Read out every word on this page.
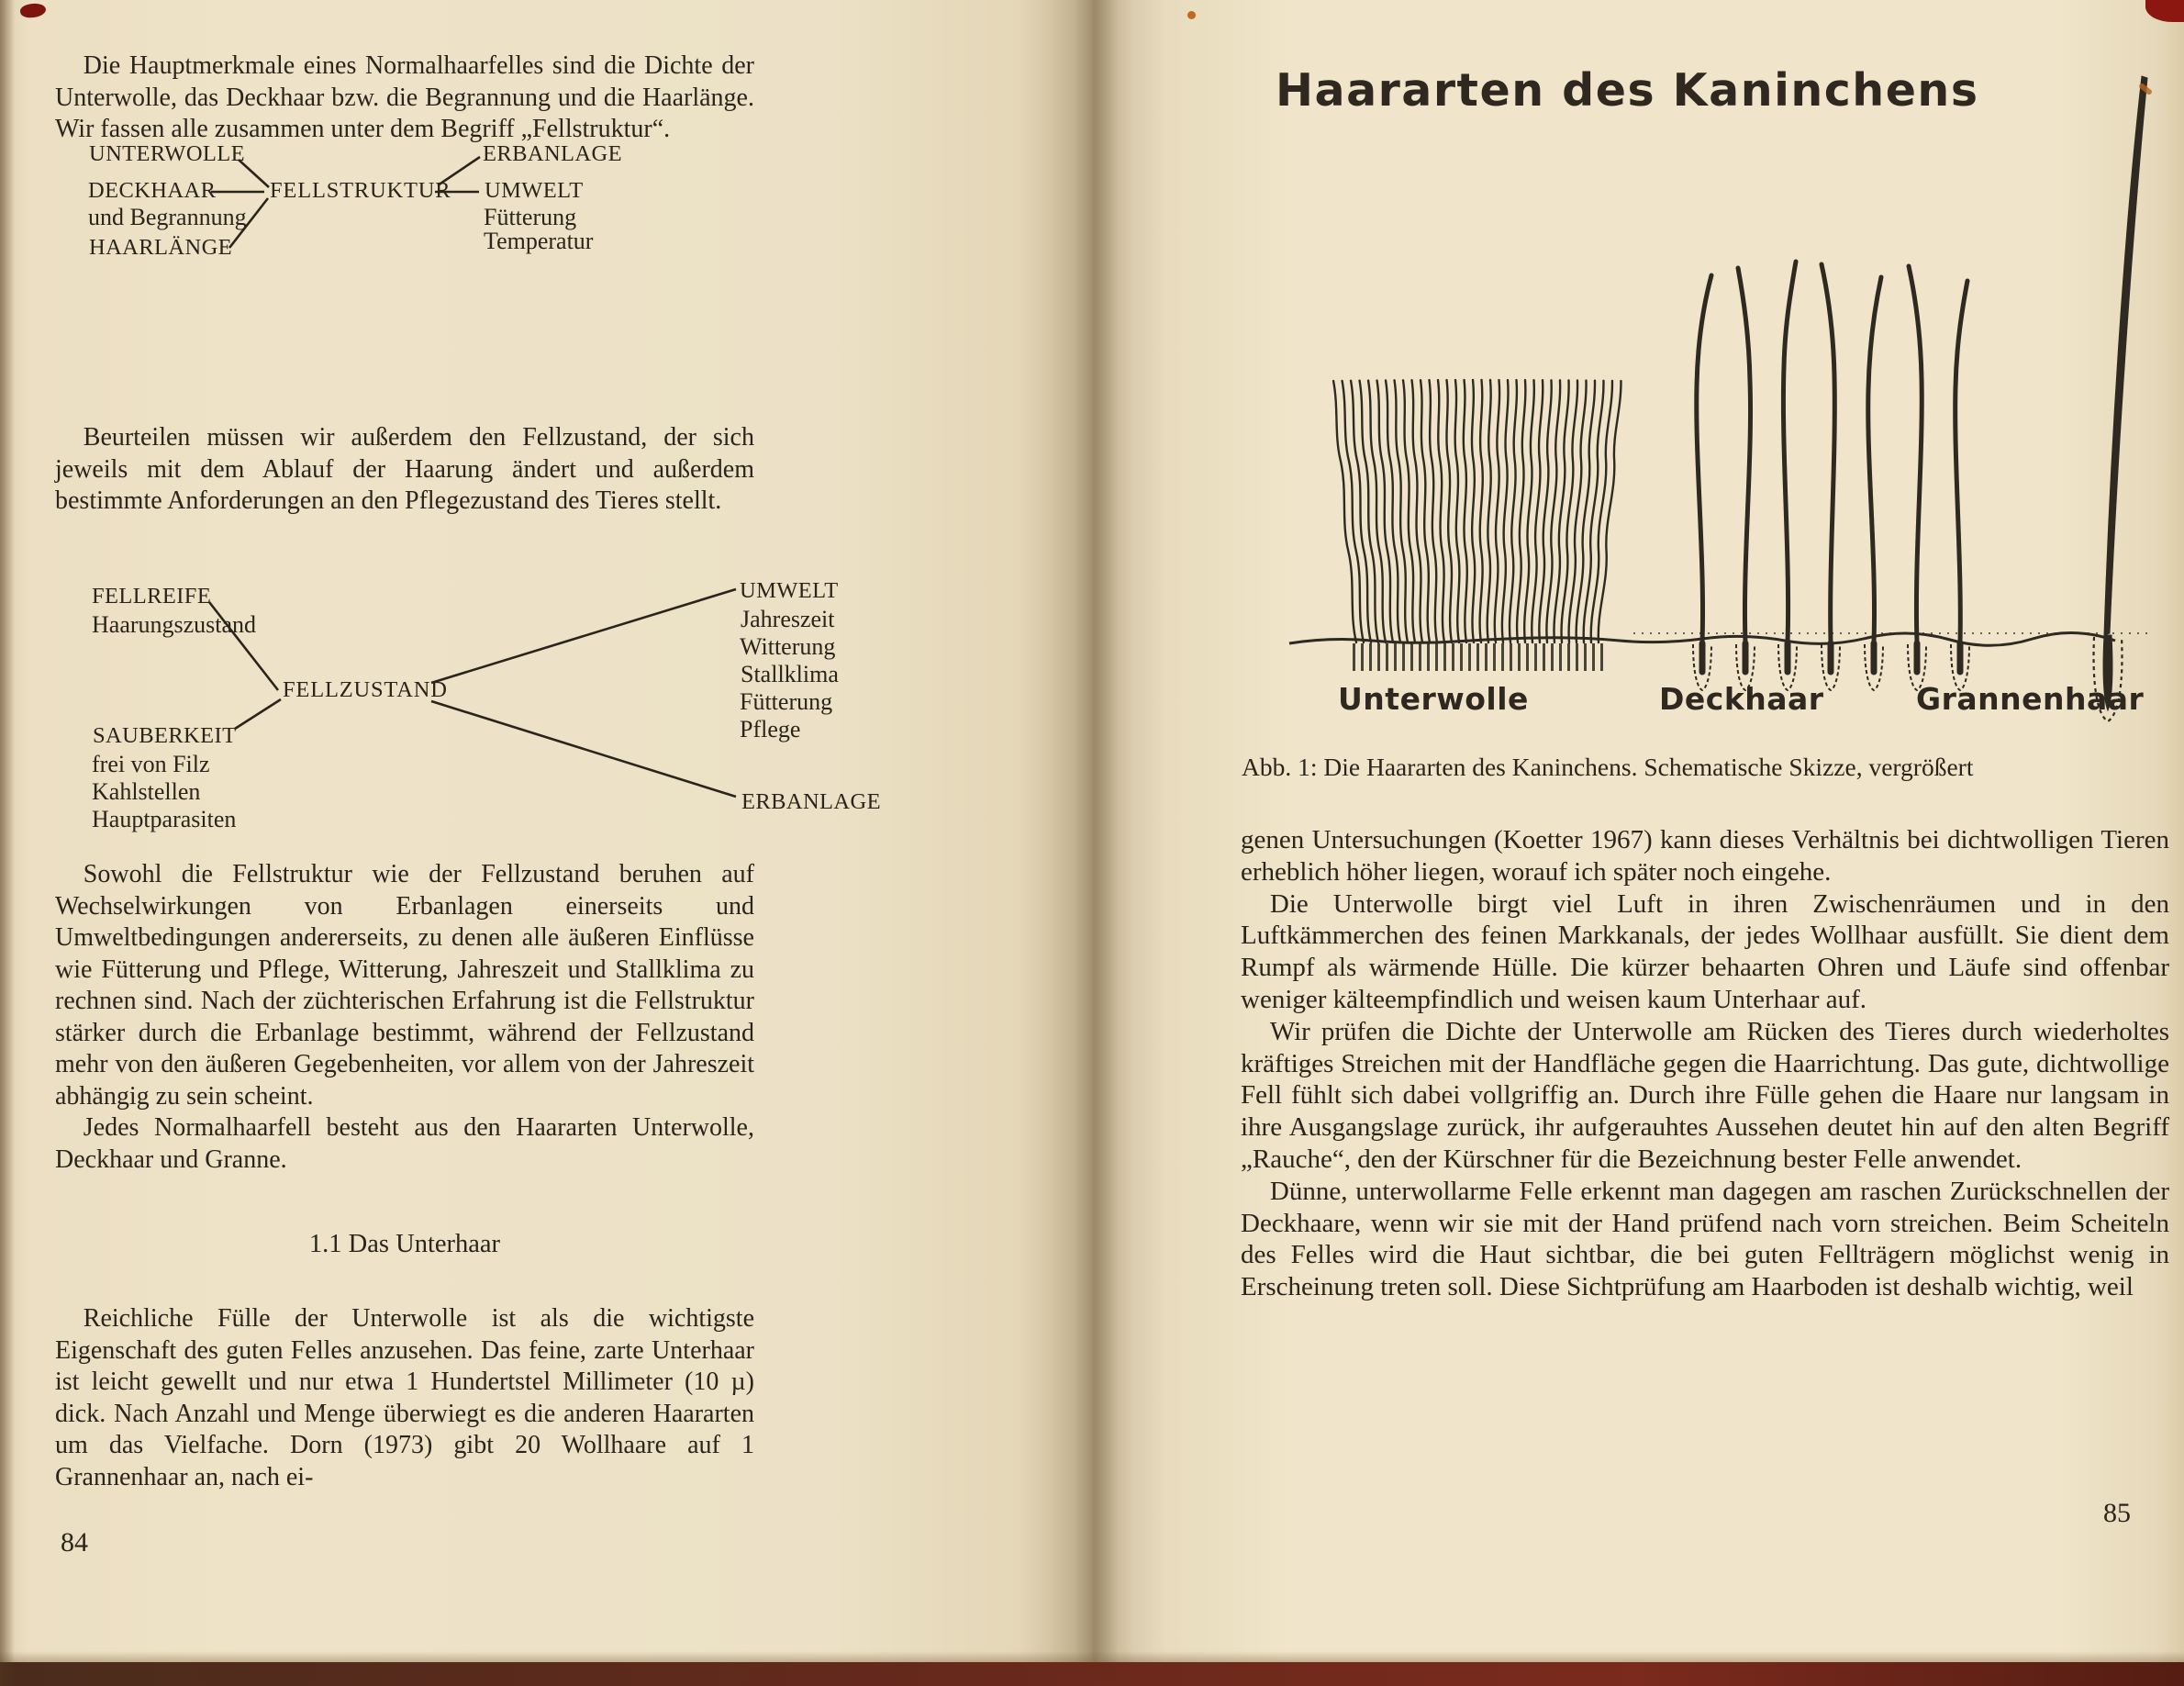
Die Hauptmerkmale eines Normalhaarfelles sind die Dichte der Unterwolle, das Deckhaar bzw. die Begrannung und die Haarlänge. Wir fassen alle zusammen unter dem Begriff „Fellstruktur“.

UNTERWOLLE
DECKHAAR
und Begrannung
HAARLÄNGE
FELLSTRUKTUR
ERBANLAGE
UMWELT
Fütterung
Temperatur

Beurteilen müssen wir außerdem den Fellzustand, der sich jeweils mit dem Ablauf der Haarung ändert und außerdem bestimmte Anforderungen an den Pflegezustand des Tieres stellt.

FELLREIFE
Haarungszustand
SAUBERKEIT
frei von Filz
Kahlstellen
Hauptparasiten
FELLZUSTAND
UMWELT
Jahreszeit
Witterung
Stallklima
Fütterung
Pflege
ERBANLAGE

Sowohl die Fellstruktur wie der Fellzustand beruhen auf Wechselwirkungen von Erbanlagen einerseits und Umweltbedingungen andererseits, zu denen alle äußeren Einflüsse wie Fütterung und Pflege, Witterung, Jahreszeit und Stallklima zu rechnen sind. Nach der züchterischen Erfahrung ist die Fellstruktur stärker durch die Erbanlage bestimmt, während der Fellzustand mehr von den äußeren Gegebenheiten, vor allem von der Jahreszeit abhängig zu sein scheint.

Jedes Normalhaarfell besteht aus den Haararten Unterwolle, Deckhaar und Granne.

1.1 Das Unterhaar

Reichliche Fülle der Unterwolle ist als die wichtigste Eigenschaft des guten Felles anzusehen. Das feine, zarte Unterhaar ist leicht gewellt und nur etwa 1 Hundertstel Millimeter (10 µ) dick. Nach Anzahl und Menge überwiegt es die anderen Haararten um das Vielfache. Dorn (1973) gibt 20 Wollhaare auf 1 Grannenhaar an, nach ei-

84
Haararten des Kaninchens
Unterwolle	Deckhaar	Grannenhaar
Abb. 1: Die Haararten des Kaninchens. Schematische Skizze, vergrößert

genen Untersuchungen (Koetter 1967) kann dieses Verhältnis bei dichtwolligen Tieren erheblich höher liegen, worauf ich später noch eingehe.

Die Unterwolle birgt viel Luft in ihren Zwischenräumen und in den Luftkämmerchen des feinen Markkanals, der jedes Wollhaar ausfüllt. Sie dient dem Rumpf als wärmende Hülle. Die kürzer behaarten Ohren und Läufe sind offenbar weniger kälteempfindlich und weisen kaum Unterhaar auf.

Wir prüfen die Dichte der Unterwolle am Rücken des Tieres durch wiederholtes kräftiges Streichen mit der Handfläche gegen die Haarrichtung. Das gute, dichtwollige Fell fühlt sich dabei vollgriffig an. Durch ihre Fülle gehen die Haare nur langsam in ihre Ausgangslage zurück, ihr aufgerauhtes Aussehen deutet hin auf den alten Begriff „Rauche“, den der Kürschner für die Bezeichnung bester Felle anwendet.

Dünne, unterwollarme Felle erkennt man dagegen am raschen Zurückschnellen der Deckhaare, wenn wir sie mit der Hand prüfend nach vorn streichen. Beim Scheiteln des Felles wird die Haut sichtbar, die bei guten Fellträgern möglichst wenig in Erscheinung treten soll. Diese Sichtprüfung am Haarboden ist deshalb wichtig, weil

85
